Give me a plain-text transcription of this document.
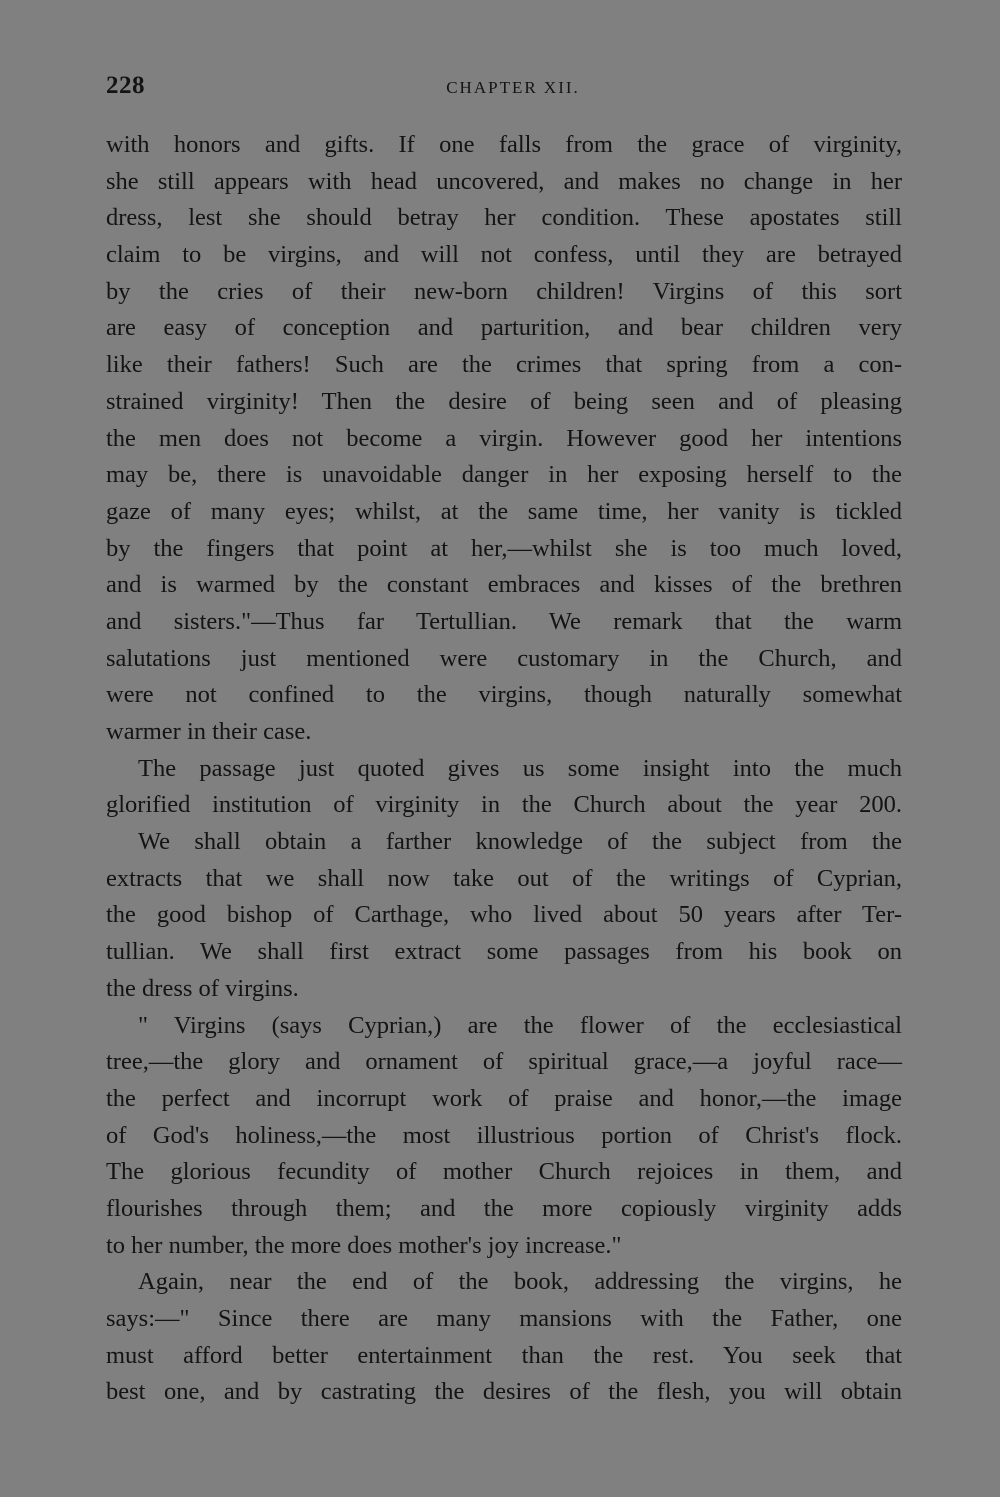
228	CHAPTER XII.
with honors and gifts. If one falls from the grace of virginity,
she still appears with head uncovered, and makes no change in her
dress, lest she should betray her condition. These apostates still
claim to be virgins, and will not confess, until they are betrayed
by the cries of their new-born children! Virgins of this sort
are easy of conception and parturition, and bear children very
like their fathers! Such are the crimes that spring from a con-
strained virginity! Then the desire of being seen and of pleasing
the men does not become a virgin. However good her intentions
may be, there is unavoidable danger in her exposing herself to the
gaze of many eyes; whilst, at the same time, her vanity is tickled
by the fingers that point at her,—whilst she is too much loved,
and is warmed by the constant embraces and kisses of the brethren
and sisters."—Thus far Tertullian. We remark that the warm
salutations just mentioned were customary in the Church, and
were not confined to the virgins, though naturally somewhat
warmer in their case.
The passage just quoted gives us some insight into the much
glorified institution of virginity in the Church about the year 200.
We shall obtain a farther knowledge of the subject from the
extracts that we shall now take out of the writings of Cyprian,
the good bishop of Carthage, who lived about 50 years after Ter-
tullian. We shall first extract some passages from his book on
the dress of virgins.
" Virgins (says Cyprian,) are the flower of the ecclesiastical
tree,—the glory and ornament of spiritual grace,—a joyful race—
the perfect and incorrupt work of praise and honor,—the image
of God's holiness,—the most illustrious portion of Christ's flock.
The glorious fecundity of mother Church rejoices in them, and
flourishes through them; and the more copiously virginity adds
to her number, the more does mother's joy increase."
Again, near the end of the book, addressing the virgins, he
says:—" Since there are many mansions with the Father, one
must afford better entertainment than the rest. You seek that
best one, and by castrating the desires of the flesh, you will obtain
